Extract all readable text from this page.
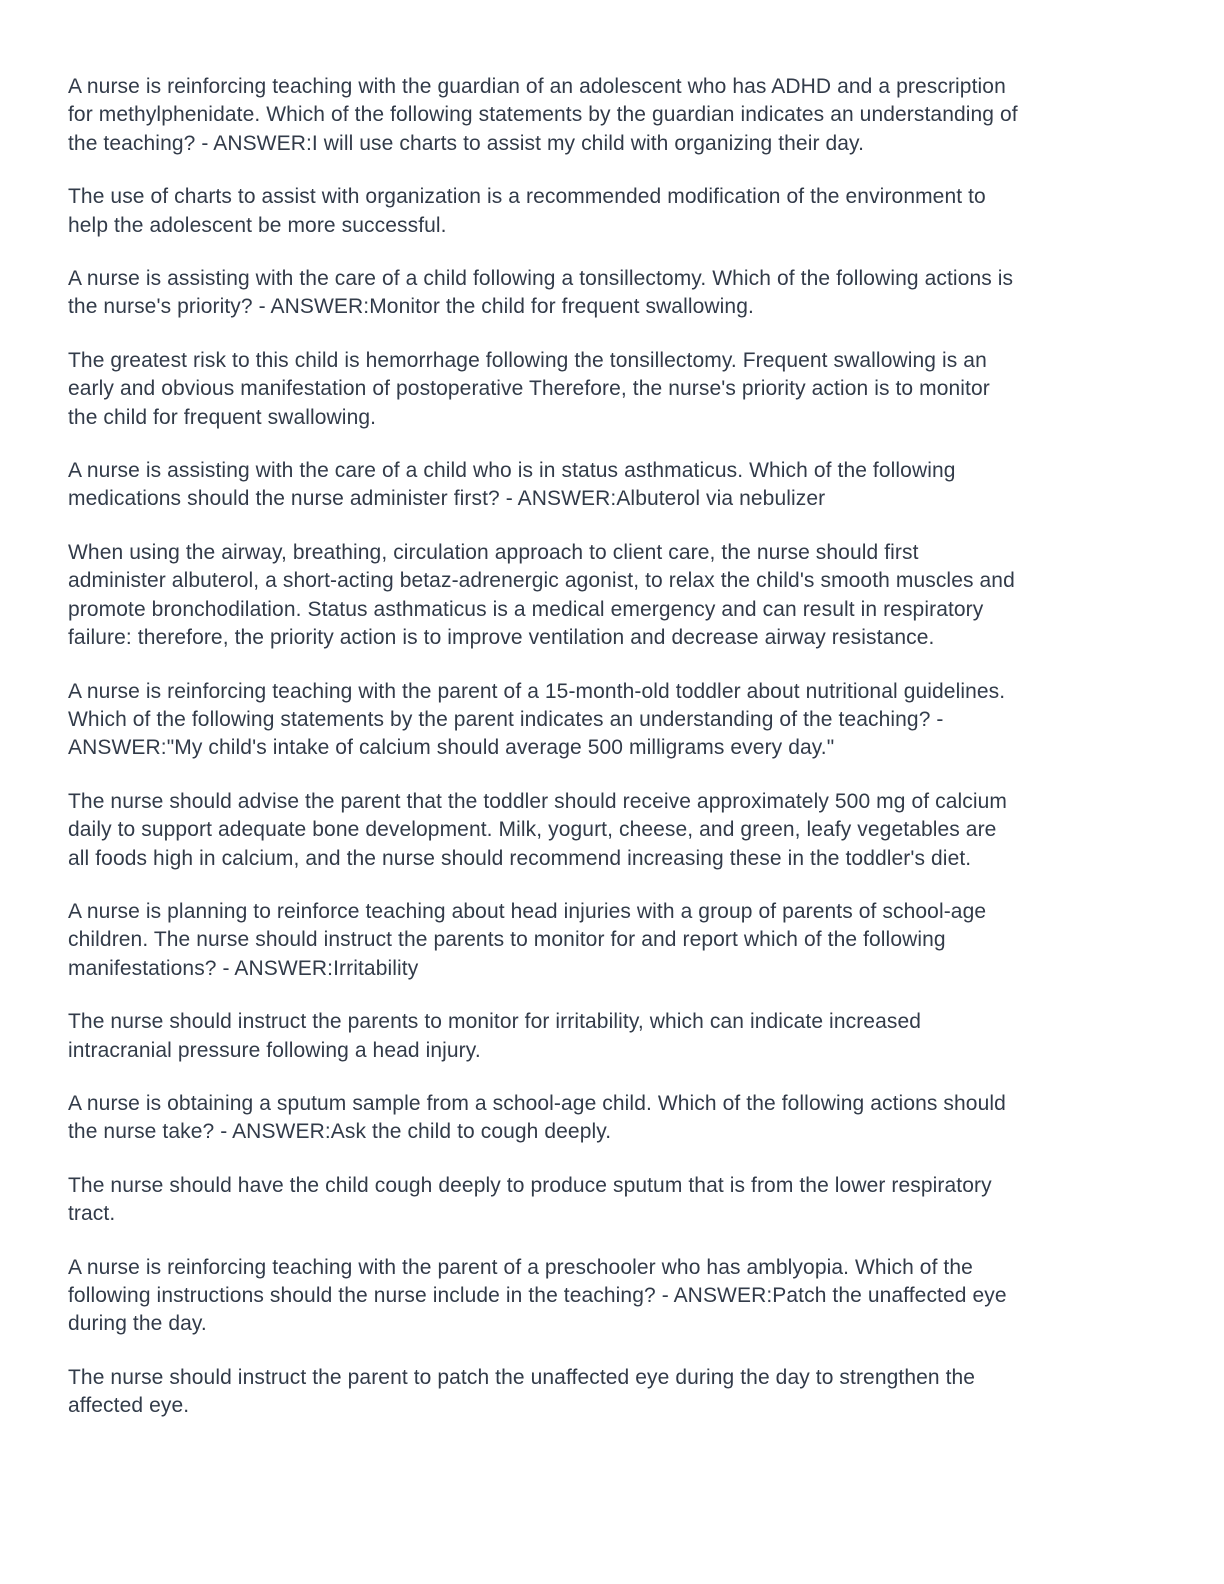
A nurse is reinforcing teaching with the guardian of an adolescent who has ADHD and a prescription
for methylphenidate. Which of the following statements by the guardian indicates an understanding of
the teaching? - ANSWER:I will use charts to assist my child with organizing their day.

The use of charts to assist with organization is a recommended modification of the environment to
help the adolescent be more successful.

A nurse is assisting with the care of a child following a tonsillectomy. Which of the following actions is
the nurse's priority? - ANSWER:Monitor the child for frequent swallowing.

The greatest risk to this child is hemorrhage following the tonsillectomy. Frequent swallowing is an
early and obvious manifestation of postoperative Therefore, the nurse's priority action is to monitor
the child for frequent swallowing.

A nurse is assisting with the care of a child who is in status asthmaticus. Which of the following
medications should the nurse administer first? - ANSWER:Albuterol via nebulizer

When using the airway, breathing, circulation approach to client care, the nurse should first
administer albuterol, a short-acting betaz-adrenergic agonist, to relax the child's smooth muscles and
promote bronchodilation. Status asthmaticus is a medical emergency and can result in respiratory
failure: therefore, the priority action is to improve ventilation and decrease airway resistance.

A nurse is reinforcing teaching with the parent of a 15-month-old toddler about nutritional guidelines.
Which of the following statements by the parent indicates an understanding of the teaching? -
ANSWER:"My child's intake of calcium should average 500 milligrams every day."

The nurse should advise the parent that the toddler should receive approximately 500 mg of calcium
daily to support adequate bone development. Milk, yogurt, cheese, and green, leafy vegetables are
all foods high in calcium, and the nurse should recommend increasing these in the toddler's diet.

A nurse is planning to reinforce teaching about head injuries with a group of parents of school-age
children. The nurse should instruct the parents to monitor for and report which of the following
manifestations? - ANSWER:Irritability

The nurse should instruct the parents to monitor for irritability, which can indicate increased
intracranial pressure following a head injury.

A nurse is obtaining a sputum sample from a school-age child. Which of the following actions should
the nurse take? - ANSWER:Ask the child to cough deeply.

The nurse should have the child cough deeply to produce sputum that is from the lower respiratory
tract.

A nurse is reinforcing teaching with the parent of a preschooler who has amblyopia. Which of the
following instructions should the nurse include in the teaching? - ANSWER:Patch the unaffected eye
during the day.

The nurse should instruct the parent to patch the unaffected eye during the day to strengthen the
affected eye.
